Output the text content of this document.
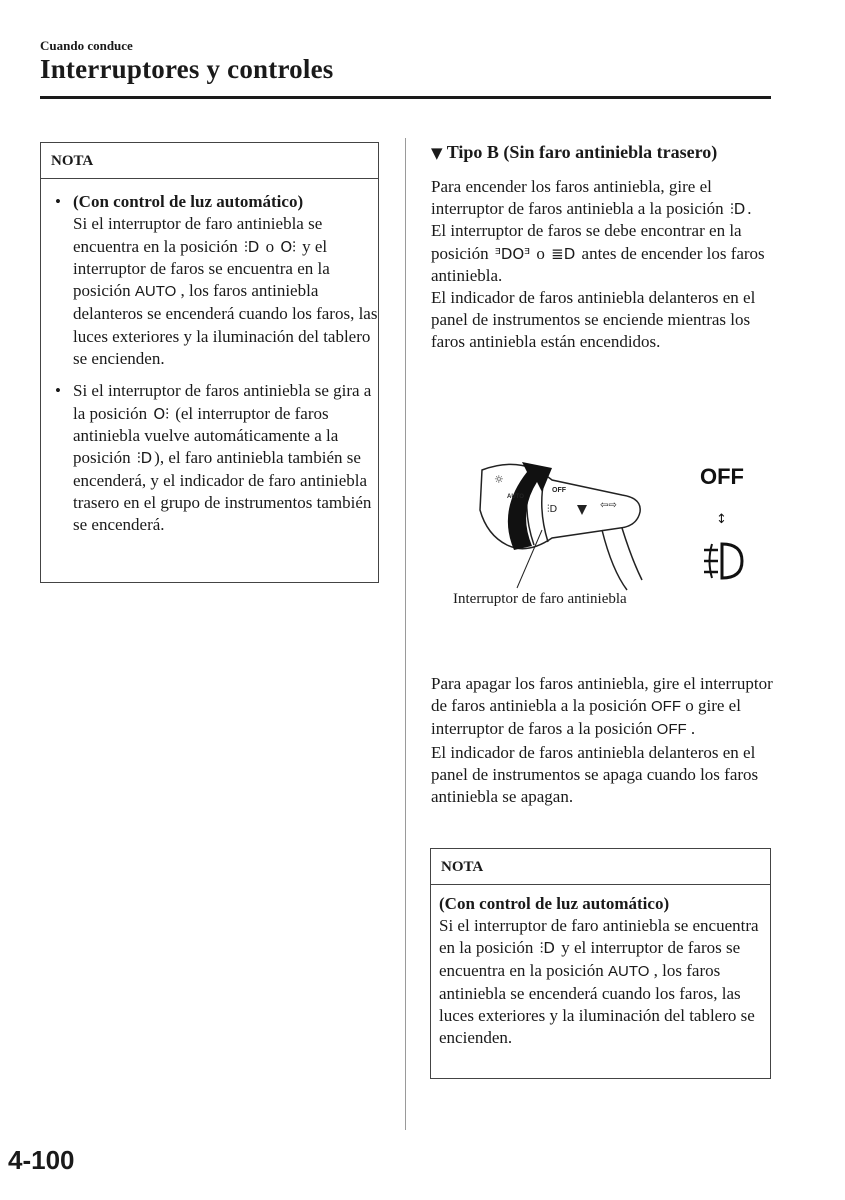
Cuando conduce
Interruptores y controles
NOTA
• (Con control de luz automático)
Si el interruptor de faro antiniebla se encuentra en la posición ⫶D o O⫶ y el interruptor de faros se encuentra en la posición AUTO , los faros antiniebla delanteros se encenderá cuando los faros, las luces exteriores y la iluminación del tablero se encienden.
• Si el interruptor de faros antiniebla se gira a la posición O⫶ (el interruptor de faros antiniebla vuelve automáticamente a la posición ⫶D ), el faro antiniebla también se encenderá, y el indicador de faro antiniebla trasero en el grupo de instrumentos también se encenderá.
▼ Tipo B (Sin faro antiniebla trasero)
Para encender los faros antiniebla, gire el interruptor de faros antiniebla a la posición ⫶D .
El interruptor de faros se debe encontrar en la posición ᴲDOᴲ o ≣D antes de encender los faros antiniebla.
El indicador de faros antiniebla delanteros en el panel de instrumentos se enciende mientras los faros antiniebla están encendidos.
☼
OFF
AUTO
⫶D	⇦⇨
OFF
↕
Interruptor de faro antiniebla
Para apagar los faros antiniebla, gire el interruptor de faros antiniebla a la posición OFF o gire el interruptor de faros a la posición OFF .
El indicador de faros antiniebla delanteros en el panel de instrumentos se apaga cuando los faros antiniebla se apagan.
NOTA
(Con control de luz automático)
Si el interruptor de faro antiniebla se encuentra en la posición ⫶D y el interruptor de faros se encuentra en la posición AUTO , los faros antiniebla se encenderá cuando los faros, las luces exteriores y la iluminación del tablero se encienden.
4-100
